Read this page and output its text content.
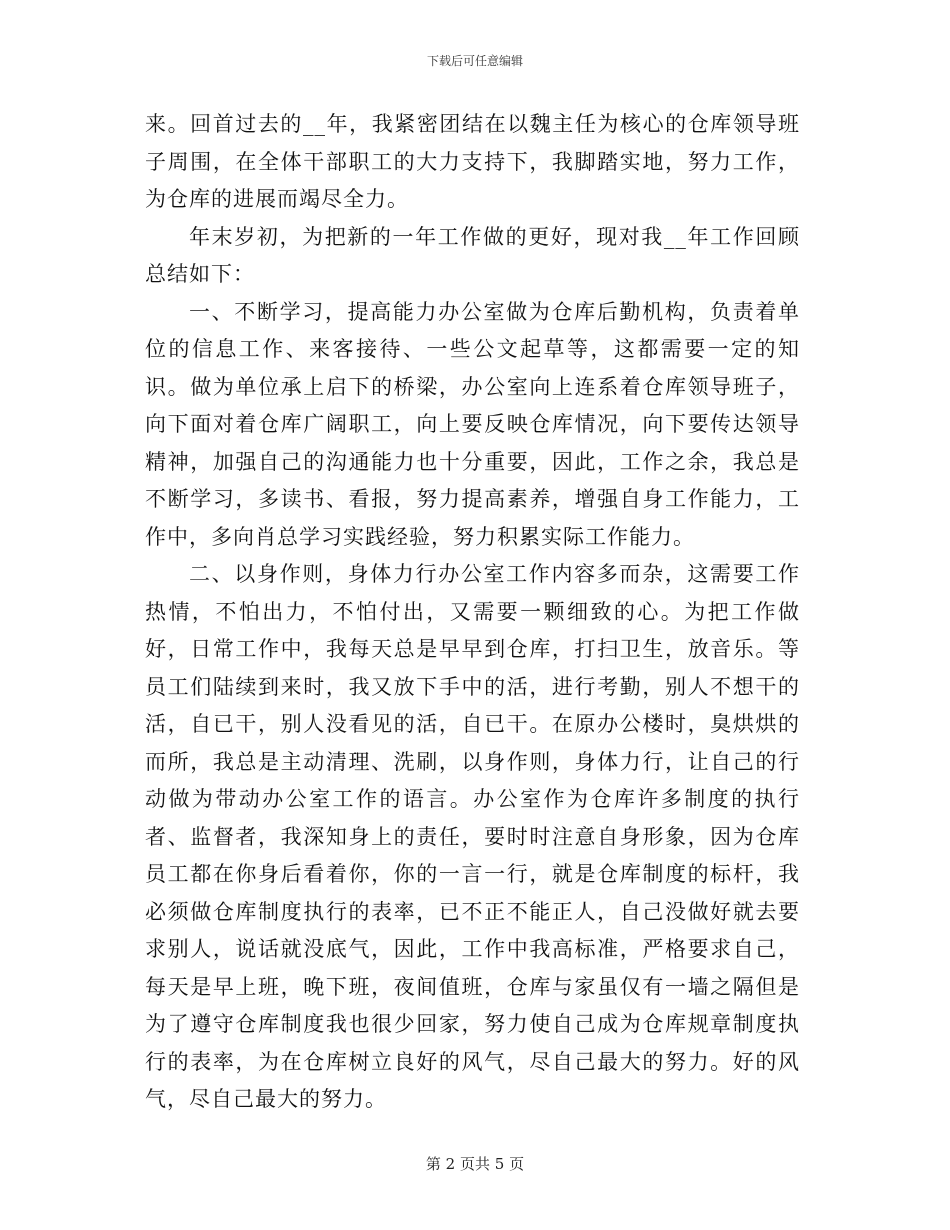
下载后可任意编辑

来。回首过去的__年，我紧密团结在以魏主任为核心的仓库领导班子周围，在全体干部职工的大力支持下，我脚踏实地，努力工作，为仓库的进展而竭尽全力。

年末岁初，为把新的一年工作做的更好，现对我__年工作回顾总结如下：

一、不断学习，提高能力办公室做为仓库后勤机构，负责着单位的信息工作、来客接待、一些公文起草等，这都需要一定的知识。做为单位承上启下的桥梁，办公室向上连系着仓库领导班子，向下面对着仓库广阔职工，向上要反映仓库情况，向下要传达领导精神，加强自己的沟通能力也十分重要，因此，工作之余，我总是不断学习，多读书、看报，努力提高素养，增强自身工作能力，工作中，多向肖总学习实践经验，努力积累实际工作能力。

二、以身作则，身体力行办公室工作内容多而杂，这需要工作热情，不怕出力，不怕付出，又需要一颗细致的心。为把工作做好，日常工作中，我每天总是早早到仓库，打扫卫生，放音乐。等员工们陆续到来时，我又放下手中的活，进行考勤，别人不想干的活，自已干，别人没看见的活，自已干。在原办公楼时，臭烘烘的而所，我总是主动清理、洗刷，以身作则，身体力行，让自己的行动做为带动办公室工作的语言。办公室作为仓库许多制度的执行者、监督者，我深知身上的责任，要时时注意自身形象，因为仓库员工都在你身后看着你，你的一言一行，就是仓库制度的标杆，我必须做仓库制度执行的表率，已不正不能正人，自己没做好就去要求别人，说话就没底气，因此，工作中我高标准，严格要求自己，每天是早上班，晚下班，夜间值班，仓库与家虽仅有一墙之隔但是为了遵守仓库制度我也很少回家，努力使自己成为仓库规章制度执行的表率，为在仓库树立良好的风气，尽自己最大的努力。好的风气，尽自己最大的努力。

第 2 页共 5 页
